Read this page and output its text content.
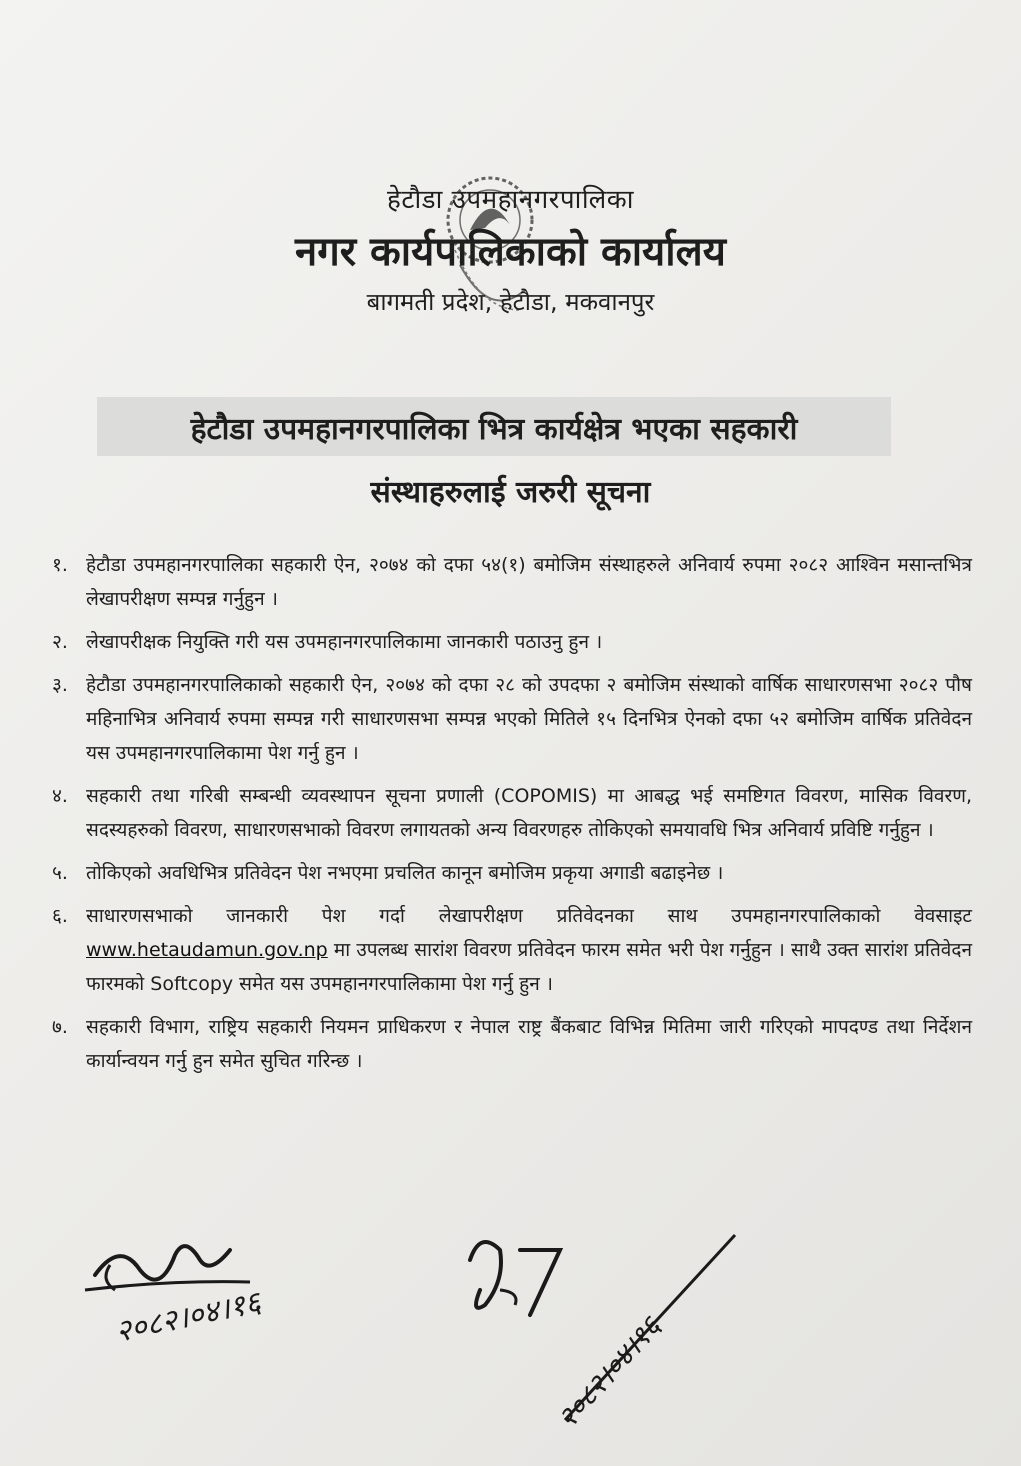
हेटौडा उपमहानगरपालिका
नगर कार्यपालिकाको कार्यालय
बागमती प्रदेश, हेटौडा, मकवानपुर
हेटौडा उपमहानगरपालिका भित्र कार्यक्षेत्र भएका सहकारी
संस्थाहरुलाई जरुरी सूचना
१. हेटौडा उपमहानगरपालिका सहकारी ऐन, २०७४ को दफा ५४(१) बमोजिम संस्थाहरुले अनिवार्य रुपमा २०८२ आश्विन मसान्तभित्र लेखापरीक्षण सम्पन्न गर्नुहुन ।
२. लेखापरीक्षक नियुक्ति गरी यस उपमहानगरपालिकामा जानकारी पठाउनु हुन ।
३. हेटौडा उपमहानगरपालिकाको सहकारी ऐन, २०७४ को दफा २८ को उपदफा २ बमोजिम संस्थाको वार्षिक साधारणसभा २०८२ पौष महिनाभित्र अनिवार्य रुपमा सम्पन्न गरी साधारणसभा सम्पन्न भएको मितिले १५ दिनभित्र ऐनको दफा ५२ बमोजिम वार्षिक प्रतिवेदन यस उपमहानगरपालिकामा पेश गर्नु हुन ।
४. सहकारी तथा गरिबी सम्बन्धी व्यवस्थापन सूचना प्रणाली (COPOMIS) मा आबद्ध भई समष्टिगत विवरण, मासिक विवरण, सदस्यहरुको विवरण, साधारणसभाको विवरण लगायतको अन्य विवरणहरु तोकिएको समयावधि भित्र अनिवार्य प्रविष्टि गर्नुहुन ।
५. तोकिएको अवधिभित्र प्रतिवेदन पेश नभएमा प्रचलित कानून बमोजिम प्रकृया अगाडी बढाइनेछ ।
६. साधारणसभाको जानकारी पेश गर्दा लेखापरीक्षण प्रतिवेदनका साथ उपमहानगरपालिकाको वेवसाइट www.hetaudamun.gov.np मा उपलब्ध सारांश विवरण प्रतिवेदन फारम समेत भरी पेश गर्नुहुन । साथै उक्त सारांश प्रतिवेदन फारमको Softcopy समेत यस उपमहानगरपालिकामा पेश गर्नु हुन ।
७. सहकारी विभाग, राष्ट्रिय सहकारी नियमन प्राधिकरण र नेपाल राष्ट्र बैंकबाट विभिन्न मितिमा जारी गरिएको मापदण्ड तथा निर्देशन कार्यान्वयन गर्नु हुन समेत सुचित गरिन्छ ।
२०८२।०४।१६	२०८२।०४।१६
